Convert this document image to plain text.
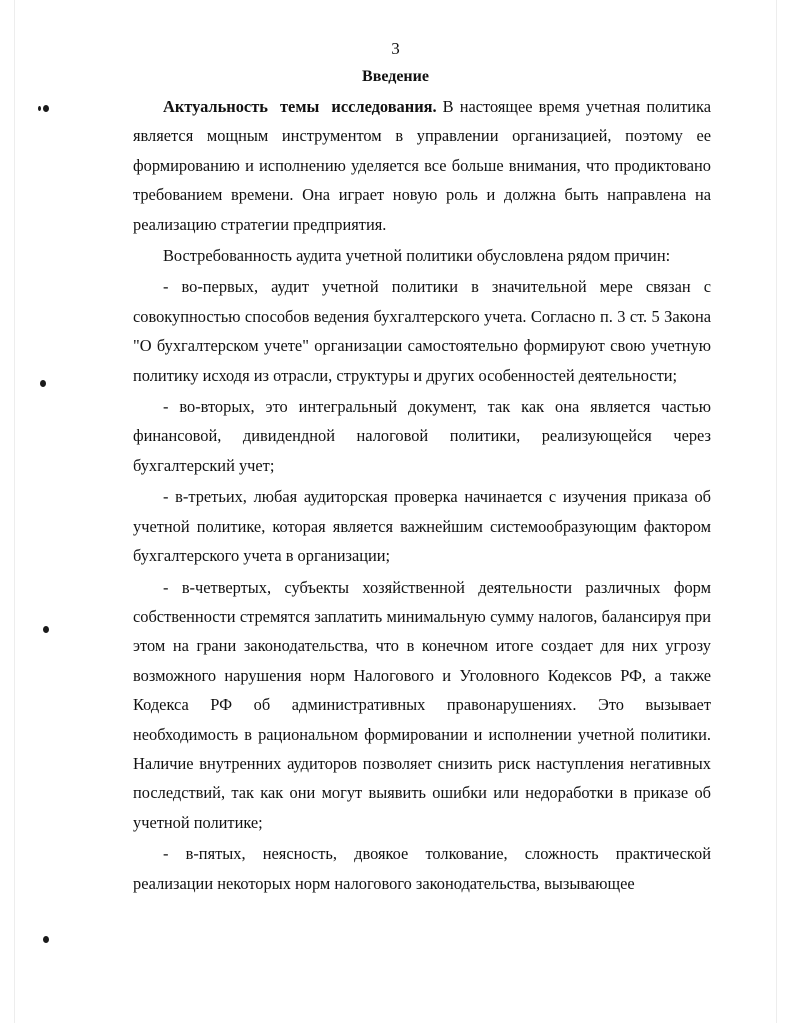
3
Введение

Актуальность темы исследования. В настоящее время учетная политика является мощным инструментом в управлении организацией, поэтому ее формированию и исполнению уделяется все больше внимания, что продиктовано требованием времени. Она играет новую роль и должна быть направлена на реализацию стратегии предприятия.

Востребованность аудита учетной политики обусловлена рядом причин:

- во-первых, аудит учетной политики в значительной мере связан с совокупностью способов ведения бухгалтерского учета. Согласно п. 3 ст. 5 Закона "О бухгалтерском учете" организации самостоятельно формируют свою учетную политику исходя из отрасли, структуры и других особенностей деятельности;

- во-вторых, это интегральный документ, так как она является частью финансовой, дивидендной налоговой политики, реализующейся через бухгалтерский учет;

- в-третьих, любая аудиторская проверка начинается с изучения приказа об учетной политике, которая является важнейшим системообразующим фактором бухгалтерского учета в организации;

- в-четвертых, субъекты хозяйственной деятельности различных форм собственности стремятся заплатить минимальную сумму налогов, балансируя при этом на грани законодательства, что в конечном итоге создает для них угрозу возможного нарушения норм Налогового и Уголовного Кодексов РФ, а также Кодекса РФ об административных правонарушениях. Это вызывает необходимость в рациональном формировании и исполнении учетной политики. Наличие внутренних аудиторов позволяет снизить риск наступления негативных последствий, так как они могут выявить ошибки или недоработки в приказе об учетной политике;

- в-пятых, неясность, двоякое толкование, сложность практической реализации некоторых норм налогового законодательства, вызывающее
